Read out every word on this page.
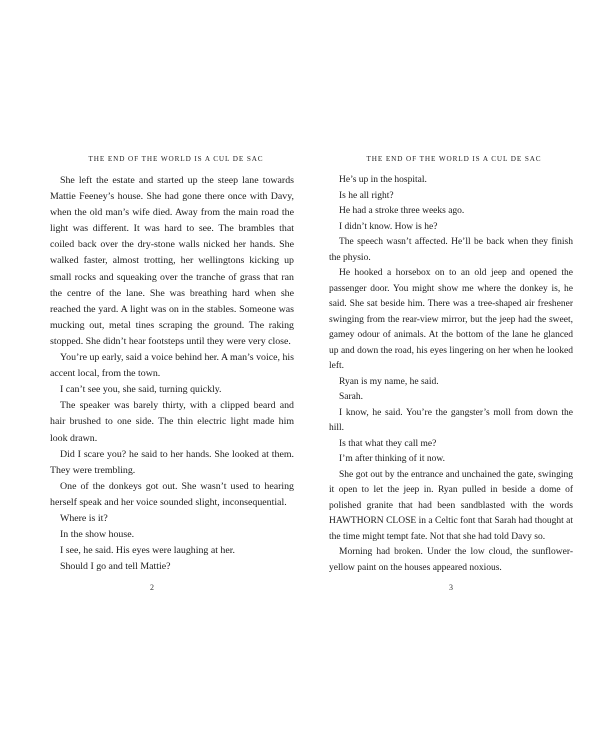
THE END OF THE WORLD IS A CUL DE SAC

She left the estate and started up the steep lane towards Mattie Feeney’s house. She had gone there once with Davy, when the old man’s wife died. Away from the main road the light was different. It was hard to see. The brambles that coiled back over the dry-stone walls nicked her hands. She walked faster, almost trotting, her wellingtons kicking up small rocks and squeaking over the tranche of grass that ran the centre of the lane. She was breathing hard when she reached the yard. A light was on in the stables. Someone was mucking out, metal tines scraping the ground. The raking stopped. She didn’t hear footsteps until they were very close.

You’re up early, said a voice behind her. A man’s voice, his accent local, from the town.

I can’t see you, she said, turning quickly.

The speaker was barely thirty, with a clipped beard and hair brushed to one side. The thin electric light made him look drawn.

Did I scare you? he said to her hands. She looked at them. They were trembling.

One of the donkeys got out. She wasn’t used to hearing herself speak and her voice sounded slight, inconsequential.

Where is it?

In the show house.

I see, he said. His eyes were laughing at her.

Should I go and tell Mattie?

2
THE END OF THE WORLD IS A CUL DE SAC

He’s up in the hospital.

Is he all right?

He had a stroke three weeks ago.

I didn’t know. How is he?

The speech wasn’t affected. He’ll be back when they finish the physio.

He hooked a horsebox on to an old jeep and opened the passenger door. You might show me where the donkey is, he said. She sat beside him. There was a tree-shaped air freshener swinging from the rear-view mirror, but the jeep had the sweet, gamey odour of animals. At the bottom of the lane he glanced up and down the road, his eyes lingering on her when he looked left.

Ryan is my name, he said.

Sarah.

I know, he said. You’re the gangster’s moll from down the hill.

Is that what they call me?

I’m after thinking of it now.

She got out by the entrance and unchained the gate, swinging it open to let the jeep in. Ryan pulled in beside a dome of polished granite that had been sandblasted with the words HAWTHORN CLOSE in a Celtic font that Sarah had thought at the time might tempt fate. Not that she had told Davy so.

Morning had broken. Under the low cloud, the sunflower-yellow paint on the houses appeared noxious.

3
